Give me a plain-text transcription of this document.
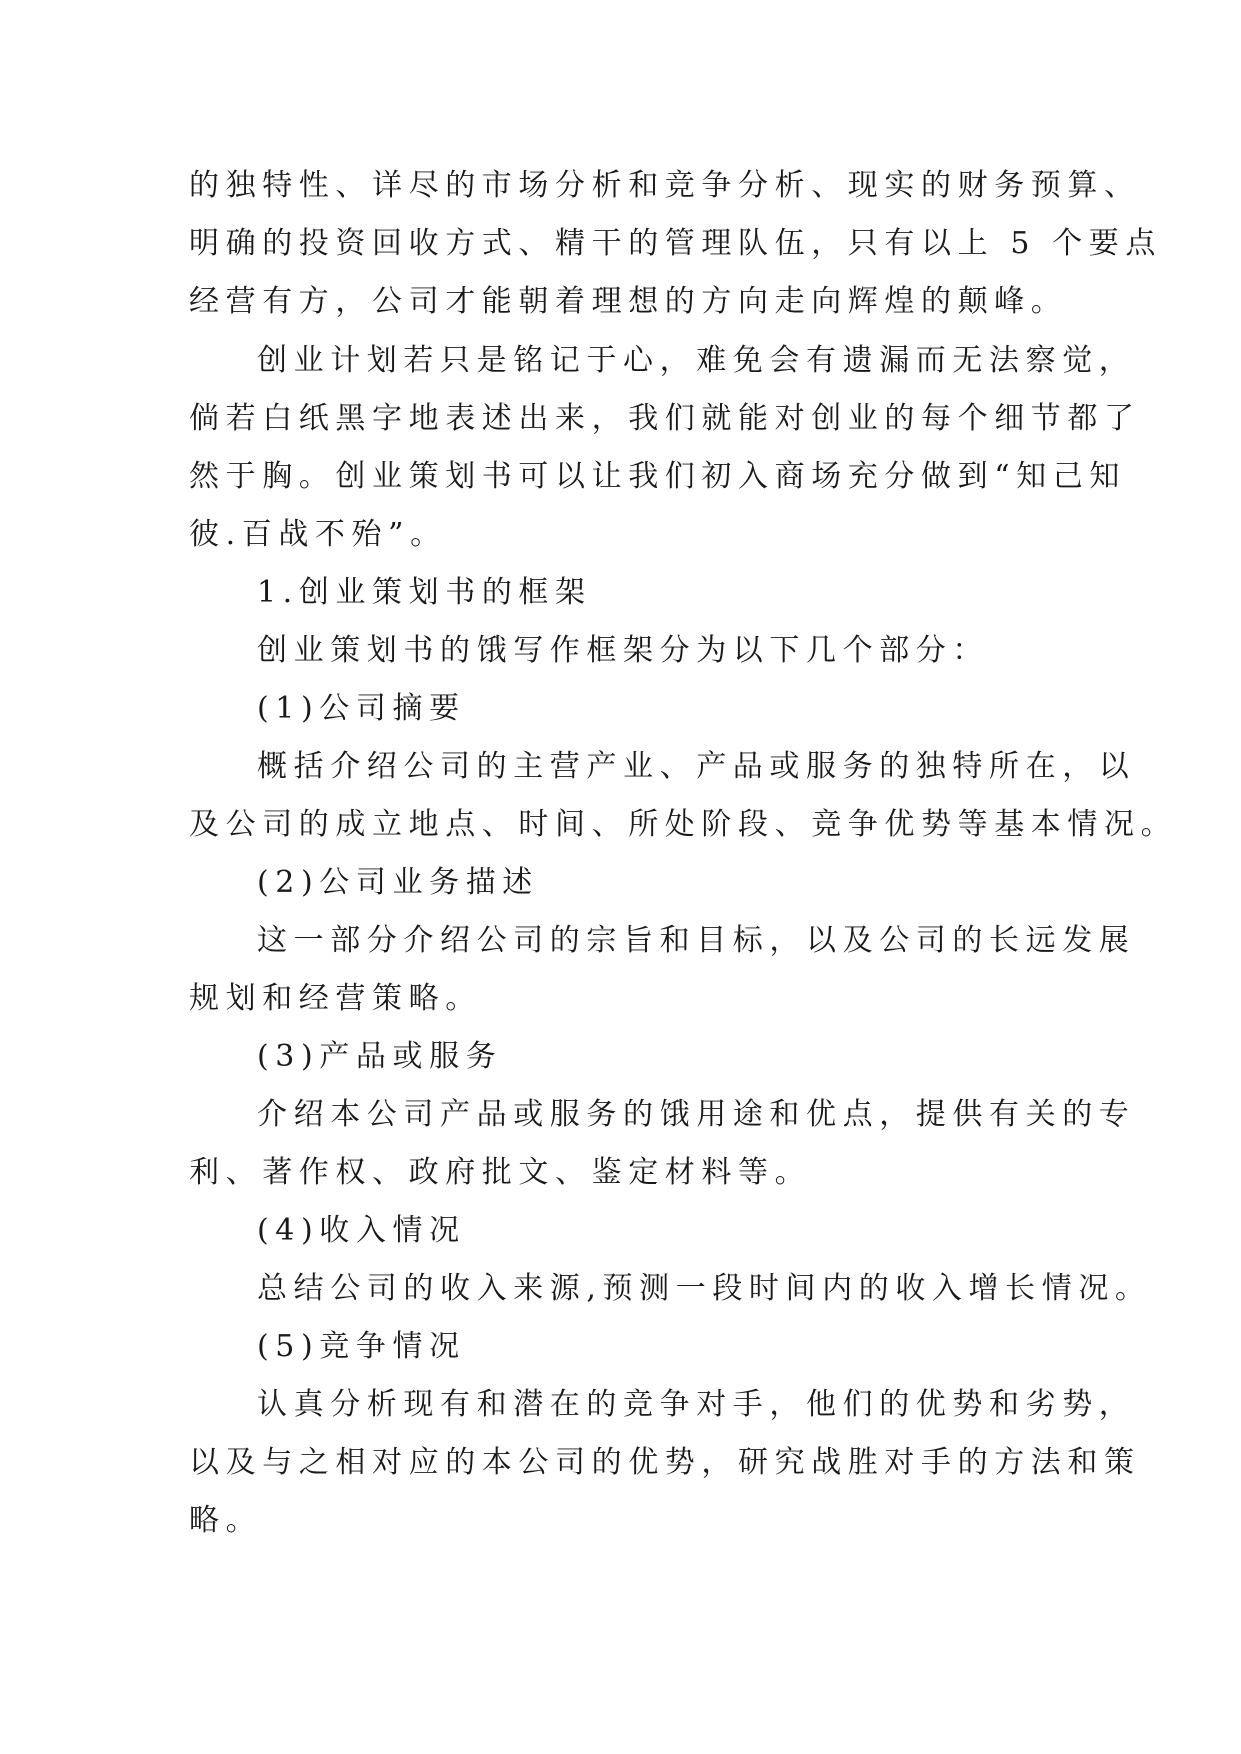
的独特性、详尽的市场分析和竞争分析、现实的财务预算、
明确的投资回收方式、精干的管理队伍，只有以上 5 个要点
经营有方，公司才能朝着理想的方向走向辉煌的颠峰。
创业计划若只是铭记于心，难免会有遗漏而无法察觉，
倘若白纸黑字地表述出来，我们就能对创业的每个细节都了
然于胸。创业策划书可以让我们初入商场充分做到“知己知
彼.百战不殆”。
1.创业策划书的框架
创业策划书的饿写作框架分为以下几个部分：
(1)公司摘要
概括介绍公司的主营产业、产品或服务的独特所在，以
及公司的成立地点、时间、所处阶段、竞争优势等基本情况。
(2)公司业务描述
这一部分介绍公司的宗旨和目标，以及公司的长远发展
规划和经营策略。
(3)产品或服务
介绍本公司产品或服务的饿用途和优点，提供有关的专
利、著作权、政府批文、鉴定材料等。
(4)收入情况
总结公司的收入来源,预测一段时间内的收入增长情况。
(5)竞争情况
认真分析现有和潜在的竞争对手，他们的优势和劣势，
以及与之相对应的本公司的优势，研究战胜对手的方法和策
略。
